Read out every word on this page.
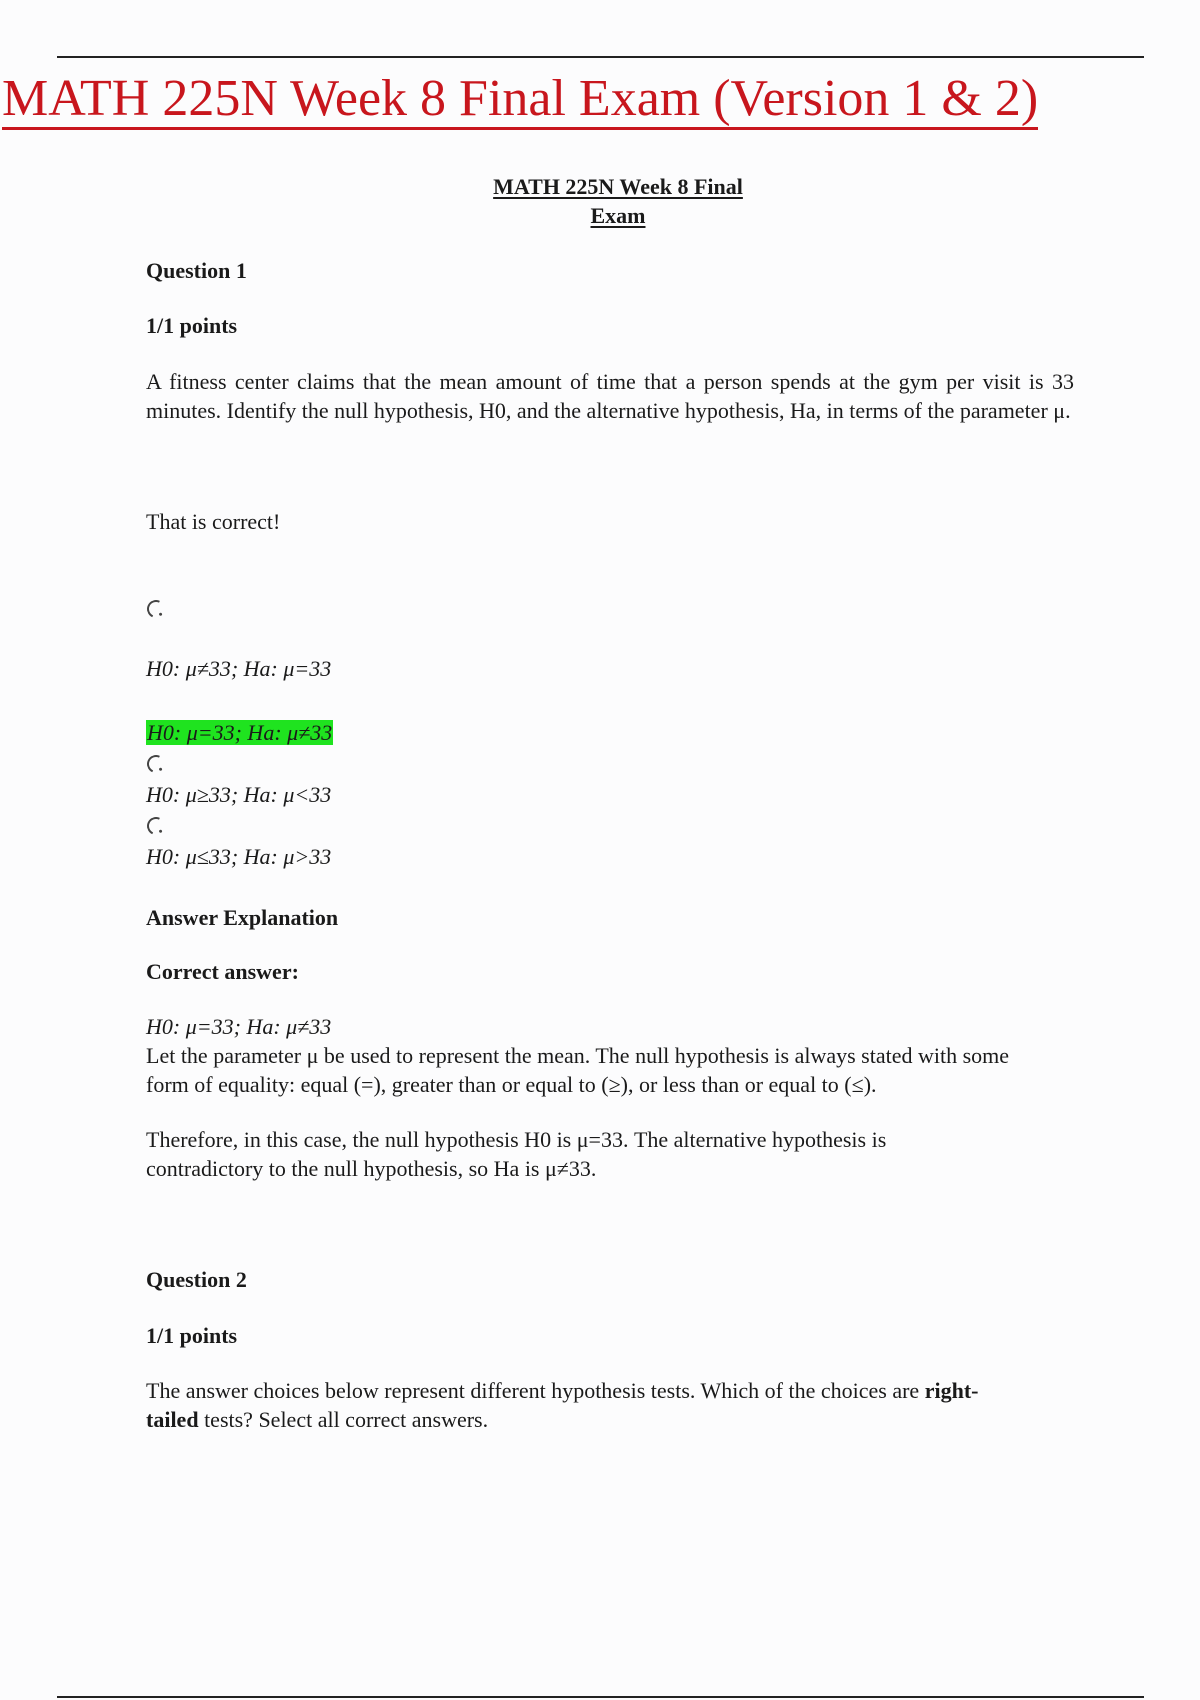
MATH 225N Week 8 Final Exam (Version 1 & 2)
MATH 225N Week 8 Final
Exam
Question 1
1/1 points
A fitness center claims that the mean amount of time that a person spends at the gym per visit is 33 minutes. Identify the null hypothesis, H0, and the alternative hypothesis, Ha, in terms of the parameter μ.
That is correct!
H0: μ≠33; Ha: μ=33
H0: μ=33; Ha: μ≠33
H0: μ≥33; Ha: μ<33
H0: μ≤33; Ha: μ>33
Answer Explanation
Correct answer:
H0: μ=33; Ha: μ≠33
Let the parameter μ be used to represent the mean. The null hypothesis is always stated with some form of equality: equal (=), greater than or equal to (≥), or less than or equal to (≤).
Therefore, in this case, the null hypothesis H0 is μ=33. The alternative hypothesis is contradictory to the null hypothesis, so Ha is μ≠33.
Question 2
1/1 points
The answer choices below represent different hypothesis tests. Which of the choices are right- tailed tests? Select all correct answers.
